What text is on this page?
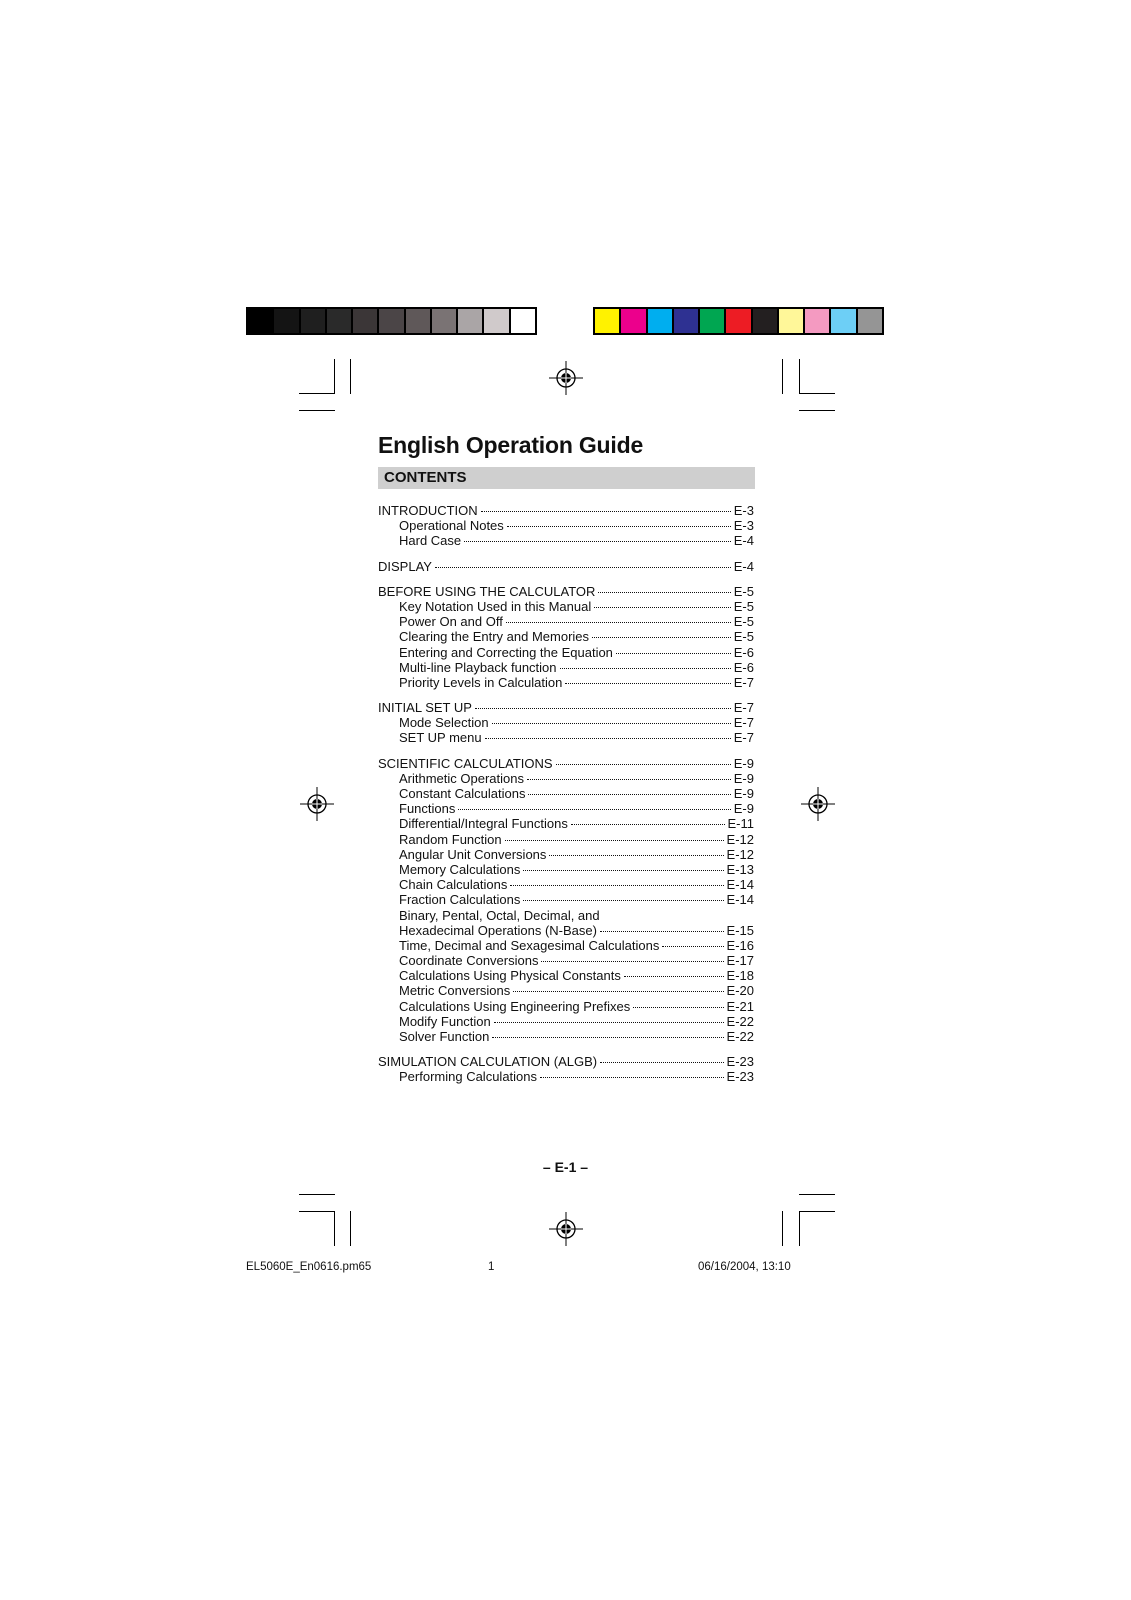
English Operation Guide
CONTENTS
INTRODUCTION	E-3
Operational Notes	E-3
Hard Case	E-4
DISPLAY	E-4
BEFORE USING THE CALCULATOR	E-5
Key Notation Used in this Manual	E-5
Power On and Off	E-5
Clearing the Entry and Memories	E-5
Entering and Correcting the Equation	E-6
Multi-line Playback function	E-6
Priority Levels in Calculation	E-7
INITIAL SET UP	E-7
Mode Selection	E-7
SET UP menu	E-7
SCIENTIFIC CALCULATIONS	E-9
Arithmetic Operations	E-9
Constant Calculations	E-9
Functions	E-9
Differential/Integral Functions	E-11
Random Function	E-12
Angular Unit Conversions	E-12
Memory Calculations	E-13
Chain Calculations	E-14
Fraction Calculations	E-14
Binary, Pental, Octal, Decimal, and
Hexadecimal Operations (N-Base)	E-15
Time, Decimal and Sexagesimal Calculations	E-16
Coordinate Conversions	E-17
Calculations Using Physical Constants	E-18
Metric Conversions	E-20
Calculations Using Engineering Prefixes	E-21
Modify Function	E-22
Solver Function	E-22
SIMULATION CALCULATION (ALGB)	E-23
Performing Calculations	E-23
– E-1 –
EL5060E_En0616.pm65	1	06/16/2004, 13:10
